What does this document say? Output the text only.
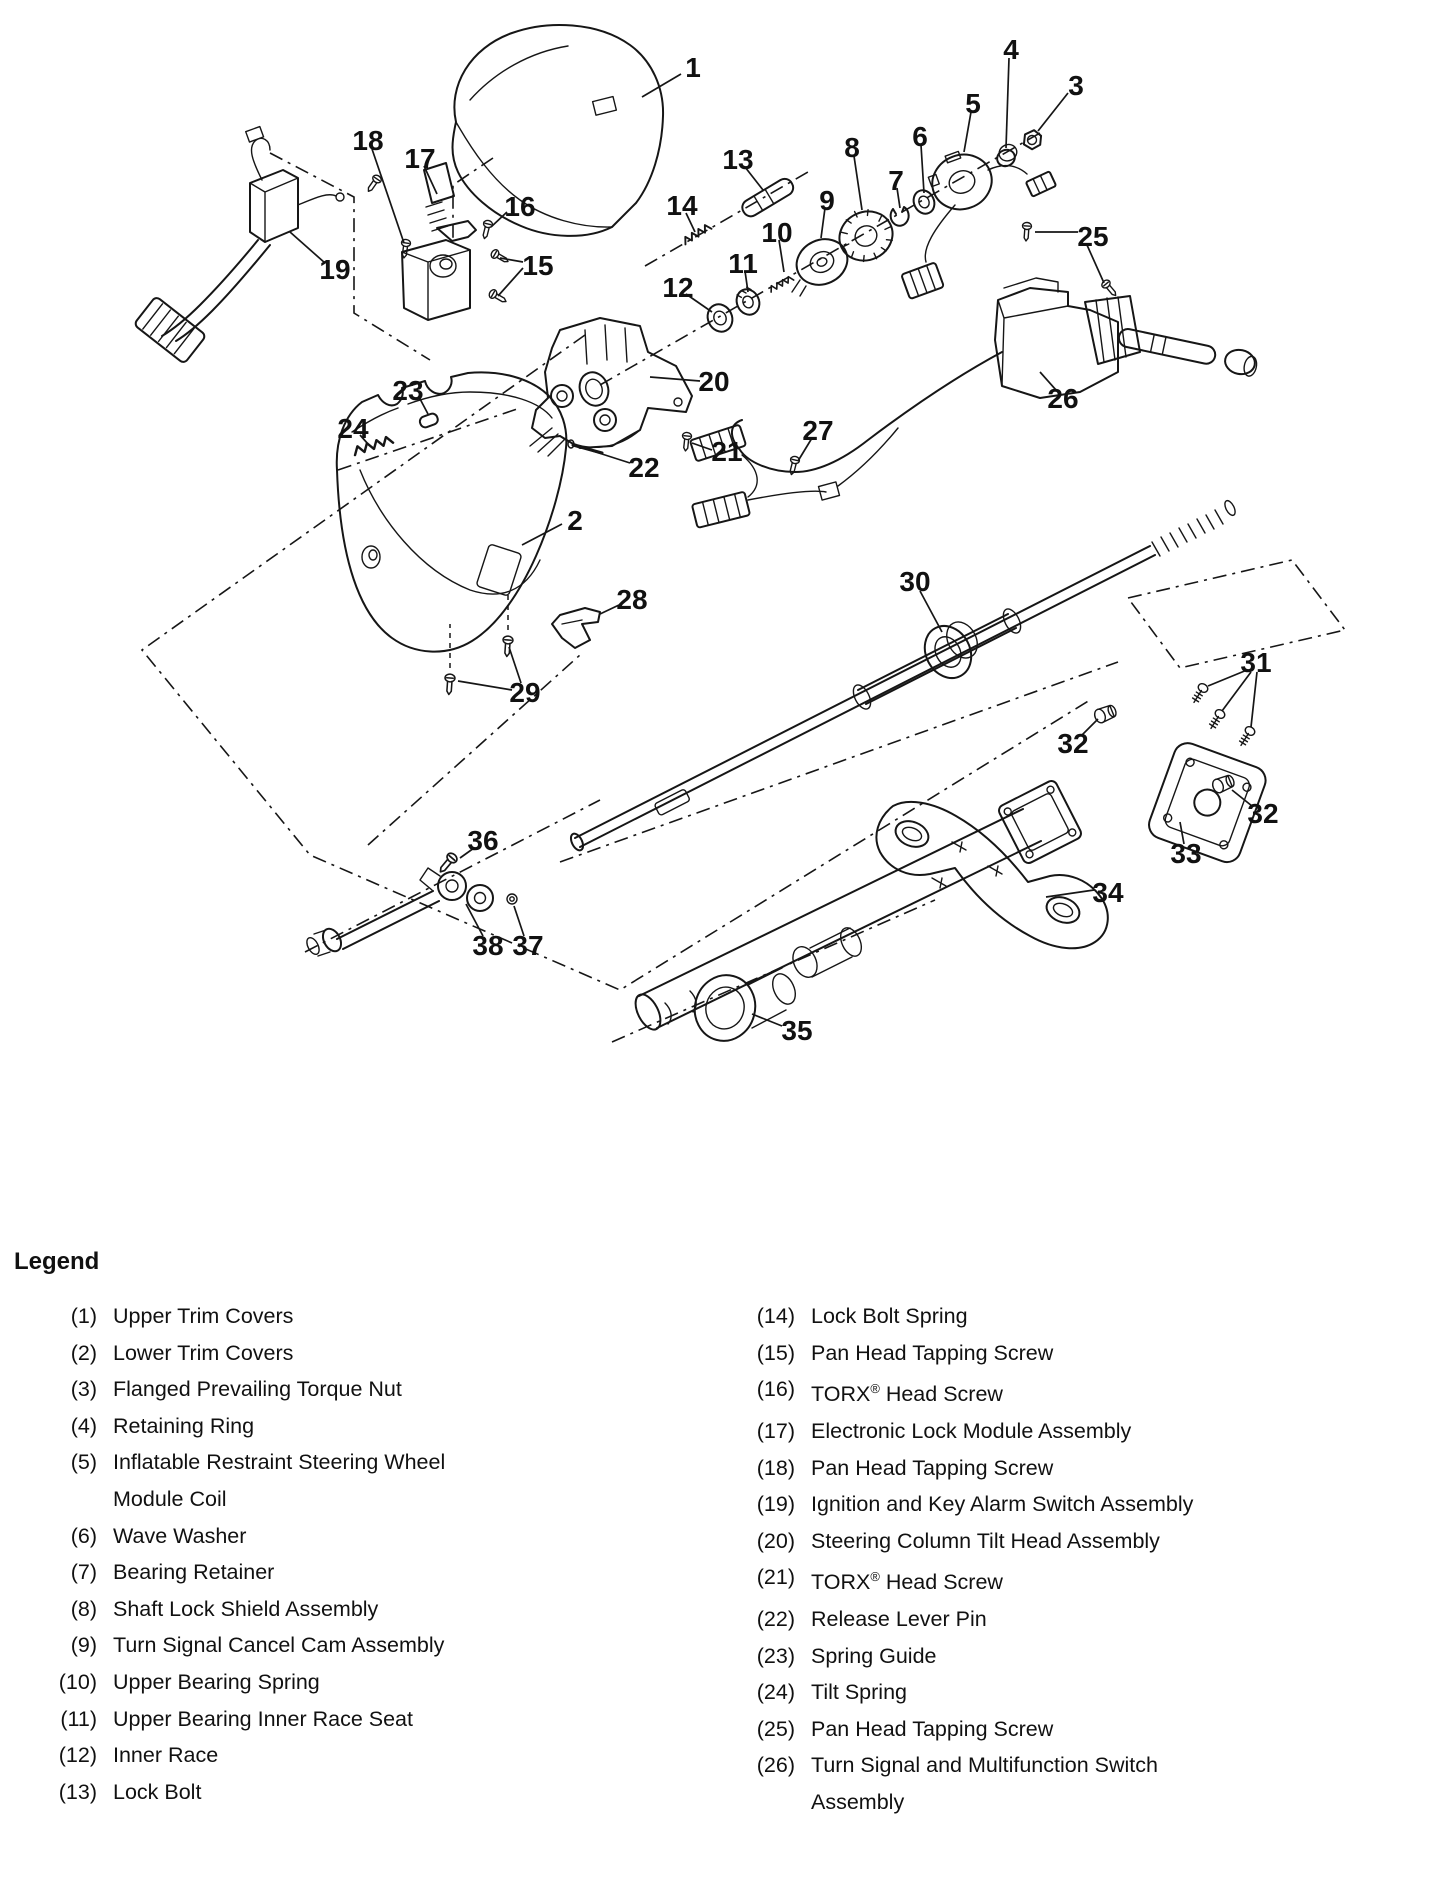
1
2
3
4
5
6
7
8
9
10
11
12
13
14
15
16
17
18
19
20
21
22
23
24
25
26
27
28
29
30
31
32
32
33
34
35
36
37
38
Legend
(1) Upper Trim Covers
(2) Lower Trim Covers
(3) Flanged Prevailing Torque Nut
(4) Retaining Ring
(5) Inflatable Restraint Steering Wheel Module Coil
(6) Wave Washer
(7) Bearing Retainer
(8) Shaft Lock Shield Assembly
(9) Turn Signal Cancel Cam Assembly
(10) Upper Bearing Spring
(11) Upper Bearing Inner Race Seat
(12) Inner Race
(13) Lock Bolt
(14) Lock Bolt Spring
(15) Pan Head Tapping Screw
(16) TORX® Head Screw
(17) Electronic Lock Module Assembly
(18) Pan Head Tapping Screw
(19) Ignition and Key Alarm Switch Assembly
(20) Steering Column Tilt Head Assembly
(21) TORX® Head Screw
(22) Release Lever Pin
(23) Spring Guide
(24) Tilt Spring
(25) Pan Head Tapping Screw
(26) Turn Signal and Multifunction Switch Assembly
